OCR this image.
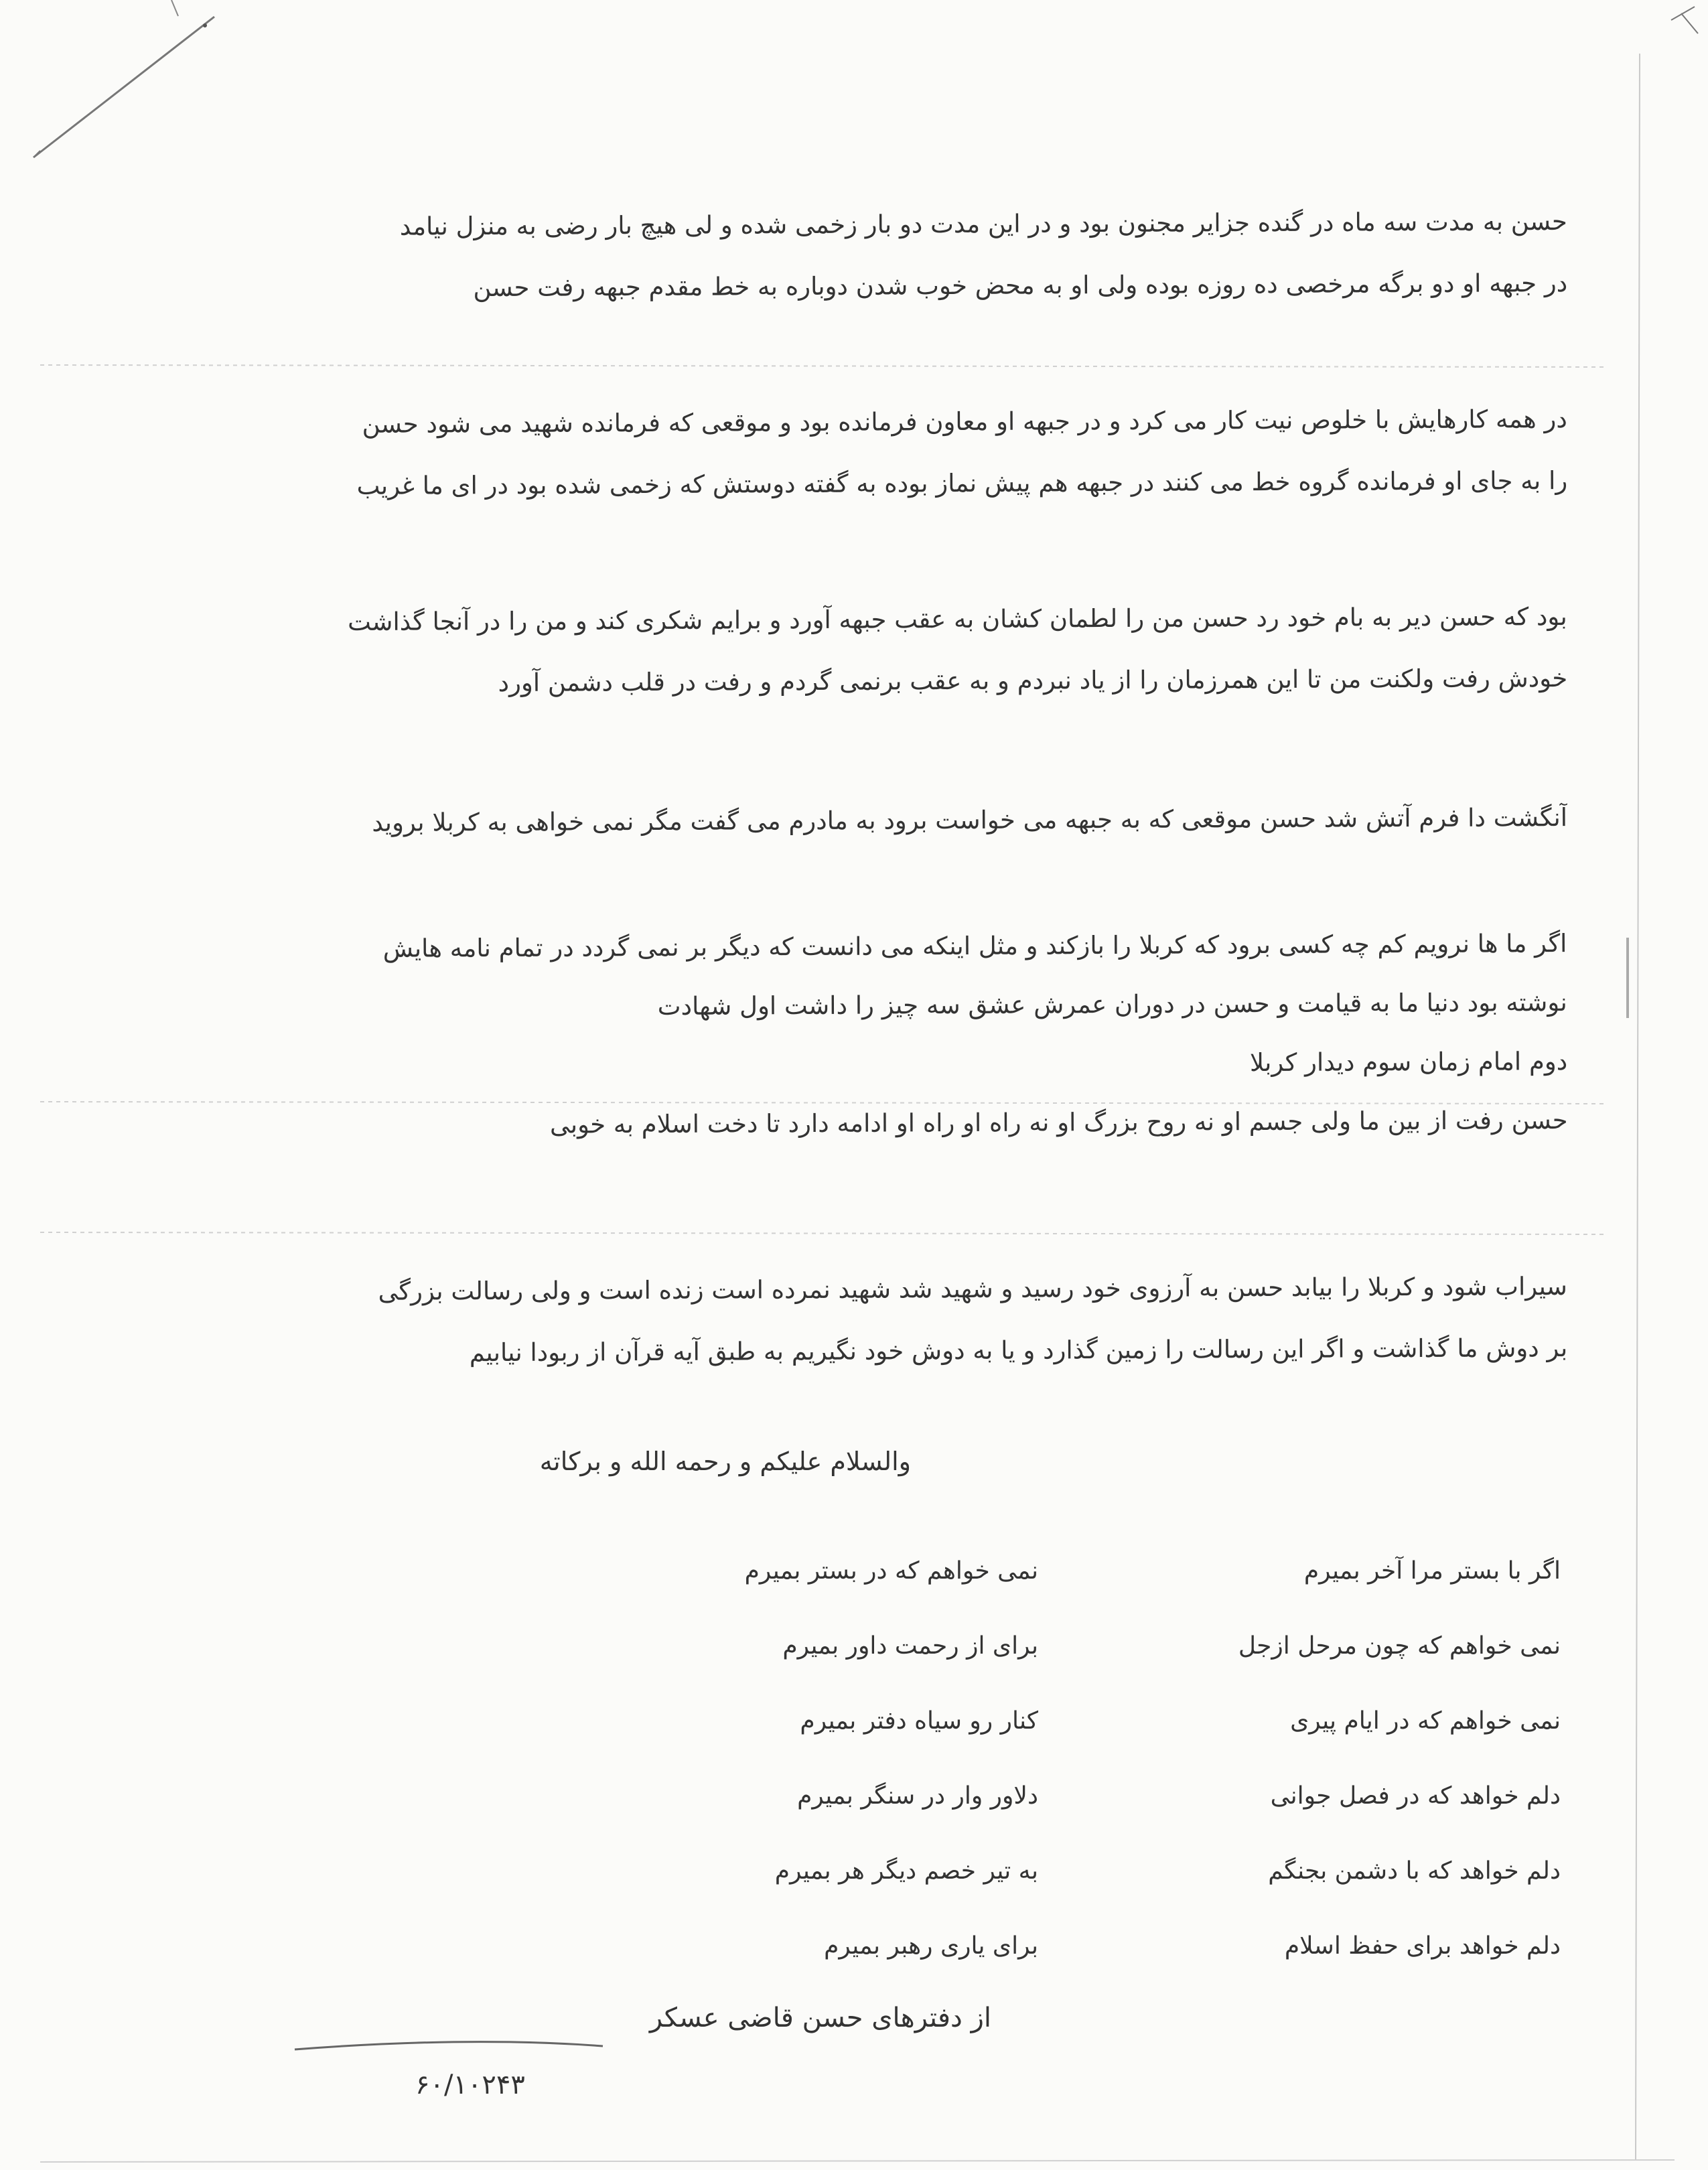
حسن به مدت سه ماه در گنده جزایر مجنون بود و در این مدت دو بار زخمی شده و لی هیچ بار رضی به منزل نیامد
در جبهه او دو برگه مرخصی ده روزه بوده ولی او به محض خوب شدن دوباره به خط مقدم جبهه رفت حسن
در همه کارهایش با خلوص نیت کار می کرد و در جبهه او معاون فرمانده بود و موقعی که فرمانده شهید می شود حسن
را به جای او فرمانده گروه خط می کنند در جبهه هم پیش نماز بوده به گفته دوستش که زخمی شده بود در ای ما غریب
بود که حسن دیر به بام خود رد حسن من را لطمان کشان به عقب جبهه آورد و برایم شکری کند و من را در آنجا گذاشت
خودش رفت ولکنت من تا این همرزمان را از یاد نبردم و به عقب برنمی گردم و رفت در قلب دشمن آورد
آنگشت دا فرم آتش شد حسن موقعی که به جبهه می خواست برود به مادرم می گفت مگر نمی خواهی به کربلا بروید
اگر ما ها نرویم کم چه کسی برود که کربلا را بازکند و مثل اینکه می دانست که دیگر بر نمی گردد در تمام نامه هایش
نوشته بود دنیا ما به قیامت و حسن در دوران عمرش عشق سه چیز را داشت اول شهادت
دوم امام زمان سوم دیدار کربلا
حسن رفت از بین ما ولی جسم او نه روح بزرگ او نه راه او راه او ادامه دارد تا دخت اسلام به خوبی
سیراب شود و کربلا را بیابد حسن به آرزوی خود رسید و شهید شد شهید نمرده است زنده است و ولی رسالت بزرگی
بر دوش ما گذاشت و اگر این رسالت را زمین گذارد و یا به دوش خود نگیریم به طبق آیه قرآن از ربودا نیابیم
والسلام علیکم و رحمه الله و برکاته
اگر با بستر مرا آخر بمیرم
نمی خواهم که چون مرحل ازجل
نمی خواهم که در ایام پیری
دلم خواهد که در فصل جوانی
دلم خواهد که با دشمن بجنگم
دلم خواهد برای حفظ اسلام
نمی خواهم که در بستر بمیرم
برای از رحمت داور بمیرم
کنار رو سیاه دفتر بمیرم
دلاور وار در سنگر بمیرم
به تیر خصم دیگر هر بمیرم
برای یاری رهبر بمیرم
از دفترهای حسن قاضی عسکر
۶۰/۱۰۲۴۳
